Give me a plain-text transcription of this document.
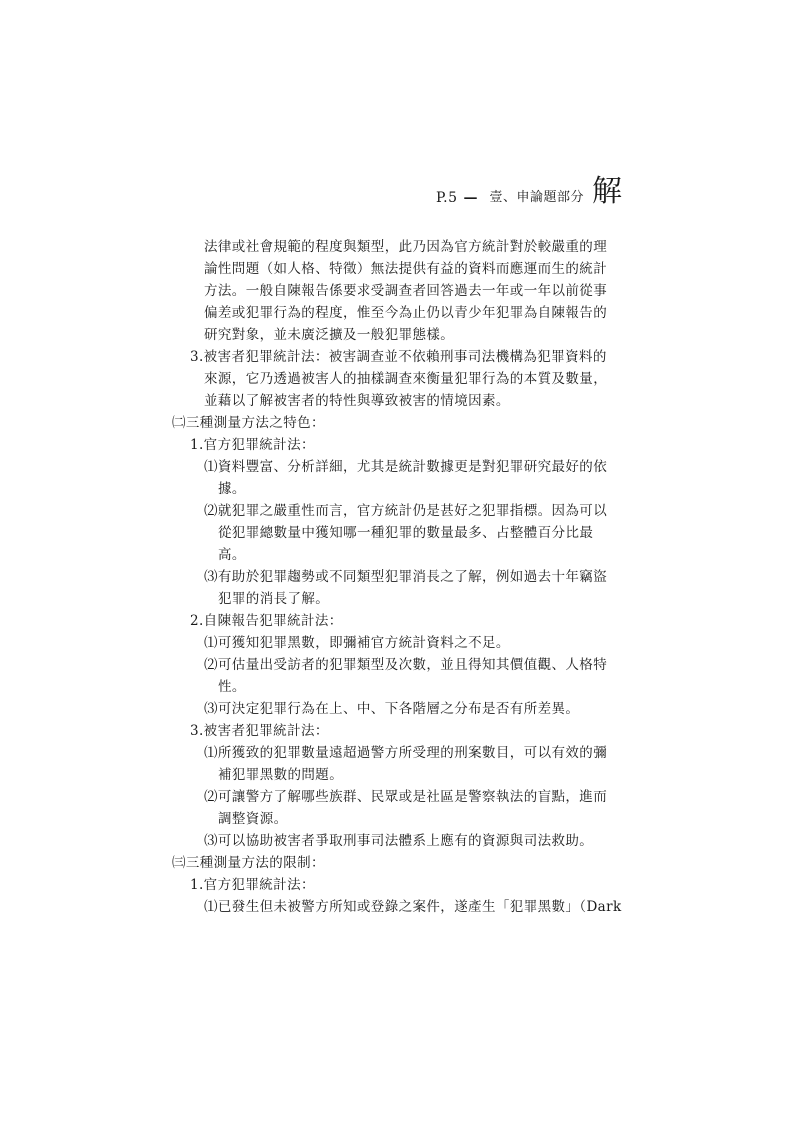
P.5 — 壹、申論題部分 解
法律或社會規範的程度與類型，此乃因為官方統計對於較嚴重的理
論性問題（如人格、特徵）無法提供有益的資料而應運而生的統計
方法。一般自陳報告係要求受調查者回答過去一年或一年以前從事
偏差或犯罪行為的程度，惟至今為止仍以青少年犯罪為自陳報告的
研究對象，並未廣泛擴及一般犯罪態樣。
3.被害者犯罪統計法：被害調查並不依賴刑事司法機構為犯罪資料的
來源，它乃透過被害人的抽樣調查來衡量犯罪行為的本質及數量，
並藉以了解被害者的特性與導致被害的情境因素。
㈡三種測量方法之特色：
1.官方犯罪統計法：
⑴資料豐富、分析詳細，尤其是統計數據更是對犯罪研究最好的依
據。
⑵就犯罪之嚴重性而言，官方統計仍是甚好之犯罪指標。因為可以
從犯罪總數量中獲知哪一種犯罪的數量最多、占整體百分比最
高。
⑶有助於犯罪趨勢或不同類型犯罪消長之了解，例如過去十年竊盜
犯罪的消長了解。
2.自陳報告犯罪統計法：
⑴可獲知犯罪黑數，即彌補官方統計資料之不足。
⑵可估量出受訪者的犯罪類型及次數，並且得知其價值觀、人格特
性。
⑶可決定犯罪行為在上、中、下各階層之分布是否有所差異。
3.被害者犯罪統計法：
⑴所獲致的犯罪數量遠超過警方所受理的刑案數目，可以有效的彌
補犯罪黑數的問題。
⑵可讓警方了解哪些族群、民眾或是社區是警察執法的盲點，進而
調整資源。
⑶可以協助被害者爭取刑事司法體系上應有的資源與司法救助。
㈢三種測量方法的限制：
1.官方犯罪統計法：
⑴已發生但未被警方所知或登錄之案件，遂產生「犯罪黑數」（Dark
